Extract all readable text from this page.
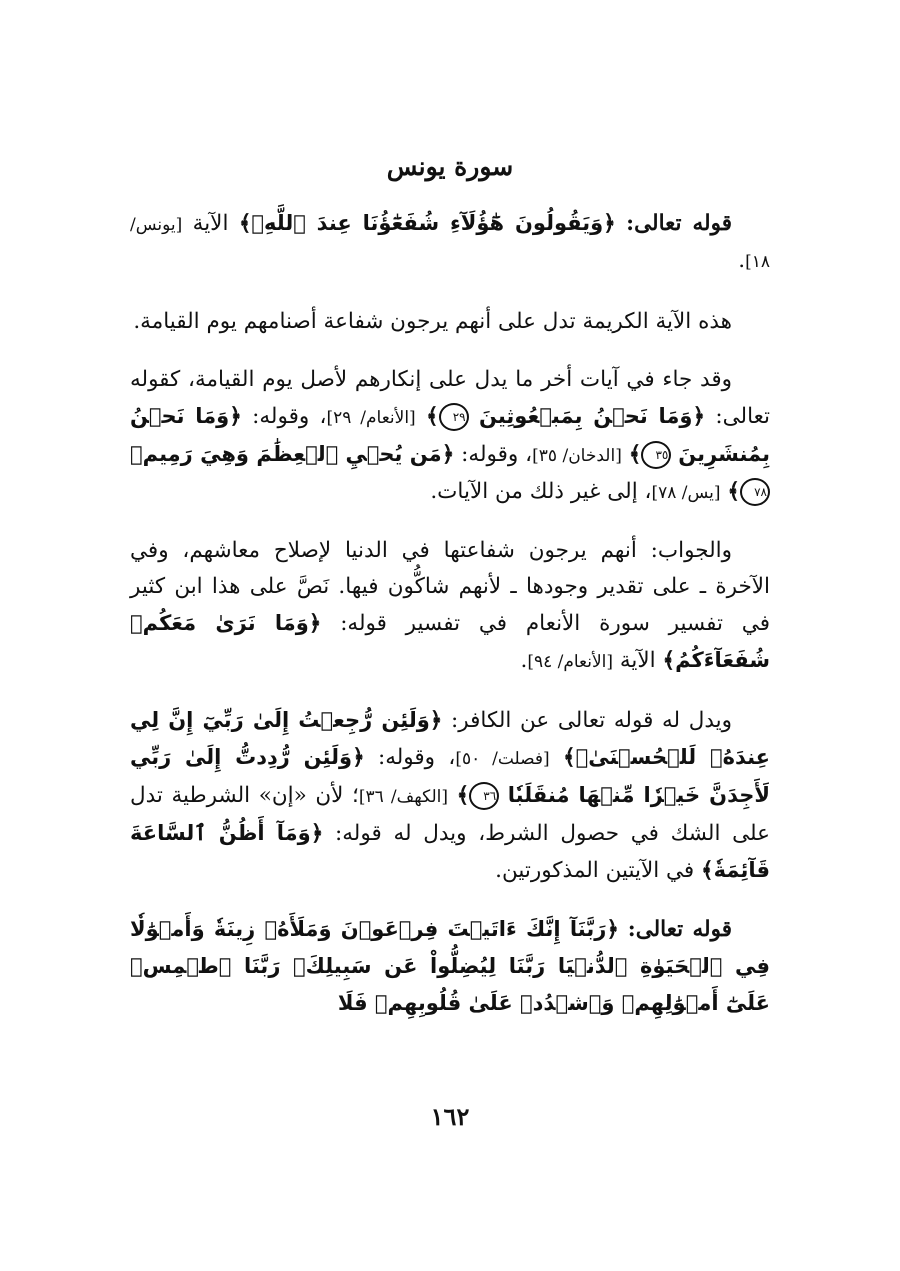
سورة يونس

قوله تعالى: ﴿وَيَقُولُونَ هَٰٓؤُلَآءِ شُفَعَٰٓؤُنَا عِندَ ٱللَّهِۚ﴾ الآية [يونس/ ١٨].

هذه الآية الكريمة تدل على أنهم يرجون شفاعة أصنامهم يوم القيامة.

وقد جاء في آيات أخر ما يدل على إنكارهم لأصل يوم القيامة، كقوله تعالى: ﴿وَمَا نَحۡنُ بِمَبۡعُوثِينَ ٢٩﴾ [الأنعام/ ٢٩]، وقوله: ﴿وَمَا نَحۡنُ بِمُنشَرِينَ ٣٥﴾ [الدخان/ ٣٥]، وقوله: ﴿مَن يُحۡيِ ٱلۡعِظَٰمَ وَهِيَ رَمِيمٞ ٧٨﴾ [يس/ ٧٨]، إلى غير ذلك من الآيات.

والجواب: أنهم يرجون شفاعتها في الدنيا لإصلاح معاشهم، وفي الآخرة ـ على تقدير وجودها ـ لأنهم شاكُّون فيها. نَصَّ على هذا ابن كثير في تفسير سورة الأنعام في تفسير قوله: ﴿وَمَا نَرَىٰ مَعَكُمۡ شُفَعَآءَكُمُ﴾ الآية [الأنعام/ ٩٤].

ويدل له قوله تعالى عن الكافر: ﴿وَلَئِن رُّجِعۡتُ إِلَىٰ رَبِّيٓ إِنَّ لِي عِندَهُۥ لَلۡحُسۡنَىٰۚ﴾ [فصلت/ ٥٠]، وقوله: ﴿وَلَئِن رُّدِدتُّ إِلَىٰ رَبِّي لَأَجِدَنَّ خَيۡرٗا مِّنۡهَا مُنقَلَبٗا ٣٦﴾ [الكهف/ ٣٦]؛ لأن «إن» الشرطية تدل على الشك في حصول الشرط، ويدل له قوله: ﴿وَمَآ أَظُنُّ ٱلسَّاعَةَ قَآئِمَةٗ﴾ في الآيتين المذكورتين.

قوله تعالى: ﴿رَبَّنَآ إِنَّكَ ءَاتَيۡتَ فِرۡعَوۡنَ وَمَلَأَهُۥ زِينَةٗ وَأَمۡوَٰلٗا فِي ٱلۡحَيَوٰةِ ٱلدُّنۡيَا رَبَّنَا لِيُضِلُّواْ عَن سَبِيلِكَۖ رَبَّنَا ٱطۡمِسۡ عَلَىٰٓ أَمۡوَٰلِهِمۡ وَٱشۡدُدۡ عَلَىٰ قُلُوبِهِمۡ فَلَا

١٦٢
